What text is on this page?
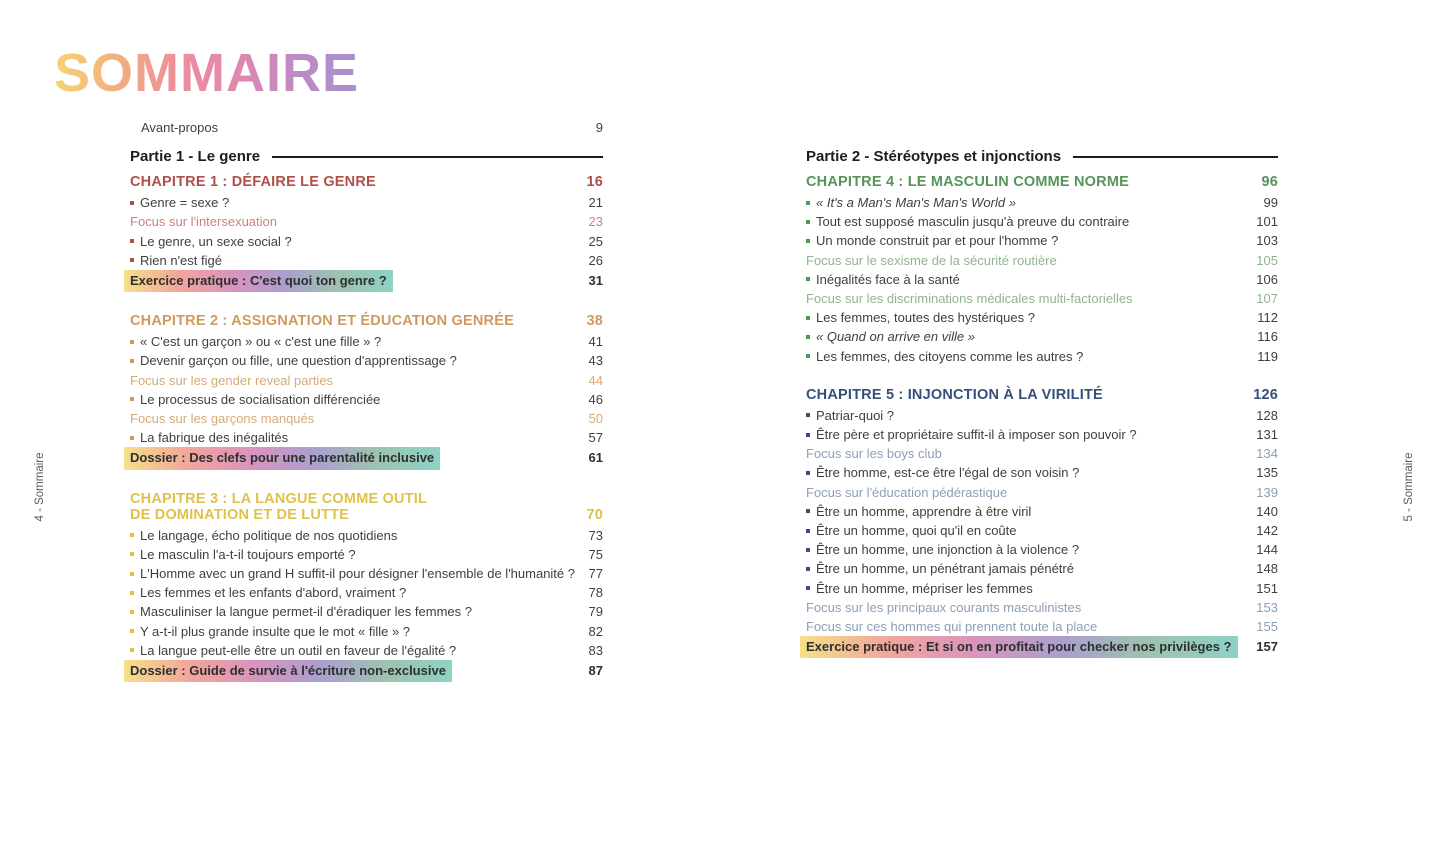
SOMMAIRE
4 - Sommaire	5 - Sommaire
Avant-propos	9
Partie 1 - Le genre
CHAPITRE 1 : DÉFAIRE LE GENRE	16
Genre = sexe ?	21
Focus sur l'intersexuation	23
Le genre, un sexe social ?	25
Rien n'est figé	26
Exercice pratique : C'est quoi ton genre ?	31
CHAPITRE 2 : ASSIGNATION ET ÉDUCATION GENRÉE	38
« C'est un garçon » ou « c'est une fille » ?	41
Devenir garçon ou fille, une question d'apprentissage ?	43
Focus sur les gender reveal parties	44
Le processus de socialisation différenciée	46
Focus sur les garçons manqués	50
La fabrique des inégalités	57
Dossier : Des clefs pour une parentalité inclusive	61
CHAPITRE 3 : LA LANGUE COMME OUTIL
DE DOMINATION ET DE LUTTE	70
Le langage, écho politique de nos quotidiens	73
Le masculin l'a-t-il toujours emporté ?	75
L'Homme avec un grand H suffit-il pour désigner l'ensemble de l'humanité ? 77
Les femmes et les enfants d'abord, vraiment ?	78
Masculiniser la langue permet-il d'éradiquer les femmes ?	79
Y a-t-il plus grande insulte que le mot « fille » ?	82
La langue peut-elle être un outil en faveur de l'égalité ?	83
Dossier : Guide de survie à l'écriture non-exclusive	87
Partie 2 - Stéréotypes et injonctions
CHAPITRE 4 : LE MASCULIN COMME NORME	96
« It's a Man's Man's Man's World »	99
Tout est supposé masculin jusqu'à preuve du contraire	101
Un monde construit par et pour l'homme ?	103
Focus sur le sexisme de la sécurité routière	105
Inégalités face à la santé	106
Focus sur les discriminations médicales multi-factorielles	107
Les femmes, toutes des hystériques ?	112
« Quand on arrive en ville »	116
Les femmes, des citoyens comme les autres ?	119
CHAPITRE 5 : INJONCTION À LA VIRILITÉ	126
Patriar-quoi ?	128
Être père et propriétaire suffit-il à imposer son pouvoir ?	131
Focus sur les boys club	134
Être homme, est-ce être l'égal de son voisin ?	135
Focus sur l'éducation pédérastique	139
Être un homme, apprendre à être viril	140
Être un homme, quoi qu'il en coûte	142
Être un homme, une injonction à la violence ?	144
Être un homme, un pénétrant jamais pénétré	148
Être un homme, mépriser les femmes	151
Focus sur les principaux courants masculinistes	153
Focus sur ces hommes qui prennent toute la place	155
Exercice pratique : Et si on en profitait pour checker nos privilèges ?	157
